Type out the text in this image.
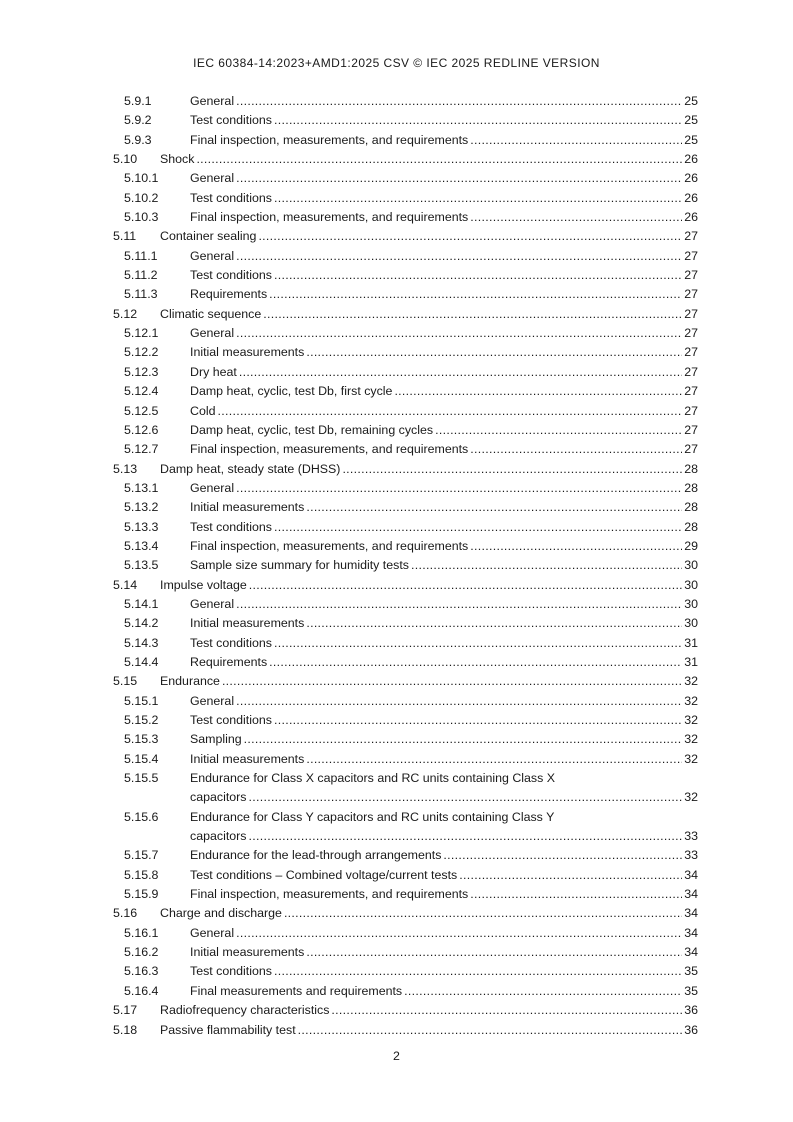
IEC 60384-14:2023+AMD1:2025 CSV © IEC 2025 REDLINE VERSION
5.9.1	General .....	25
5.9.2	Test conditions .....	25
5.9.3	Final inspection, measurements, and requirements .....	25
5.10 Shock .....	26
5.10.1	General .....	26
5.10.2	Test conditions .....	26
5.10.3	Final inspection, measurements, and requirements .....	26
5.11 Container sealing .....	27
5.11.1	General .....	27
5.11.2	Test conditions .....	27
5.11.3	Requirements .....	27
5.12 Climatic sequence .....	27
5.12.1	General .....	27
5.12.2	Initial measurements .....	27
5.12.3	Dry heat .....	27
5.12.4	Damp heat, cyclic, test Db, first cycle .....	27
5.12.5	Cold .....	27
5.12.6	Damp heat, cyclic, test Db, remaining cycles .....	27
5.12.7	Final inspection, measurements, and requirements .....	27
5.13 Damp heat, steady state (DHSS) .....	28
5.13.1	General .....	28
5.13.2	Initial measurements .....	28
5.13.3	Test conditions .....	28
5.13.4	Final inspection, measurements, and requirements .....	29
5.13.5	Sample size summary for humidity tests .....	30
5.14 Impulse voltage .....	30
5.14.1	General .....	30
5.14.2	Initial measurements .....	30
5.14.3	Test conditions .....	31
5.14.4	Requirements .....	31
5.15 Endurance .....	32
5.15.1	General .....	32
5.15.2	Test conditions .....	32
5.15.3	Sampling .....	32
5.15.4	Initial measurements .....	32
5.15.5	Endurance for Class X capacitors and RC units containing Class X
capacitors .....	32
5.15.6	Endurance for Class Y capacitors and RC units containing Class Y
capacitors .....	33
5.15.7	Endurance for the lead-through arrangements .....	33
5.15.8	Test conditions – Combined voltage/current tests .....	34
5.15.9	Final inspection, measurements, and requirements .....	34
5.16 Charge and discharge .....	34
5.16.1	General .....	34
5.16.2	Initial measurements .....	34
5.16.3	Test conditions .....	35
5.16.4	Final measurements and requirements .....	35
5.17 Radiofrequency characteristics .....	36
5.18 Passive flammability test .....	36
2
